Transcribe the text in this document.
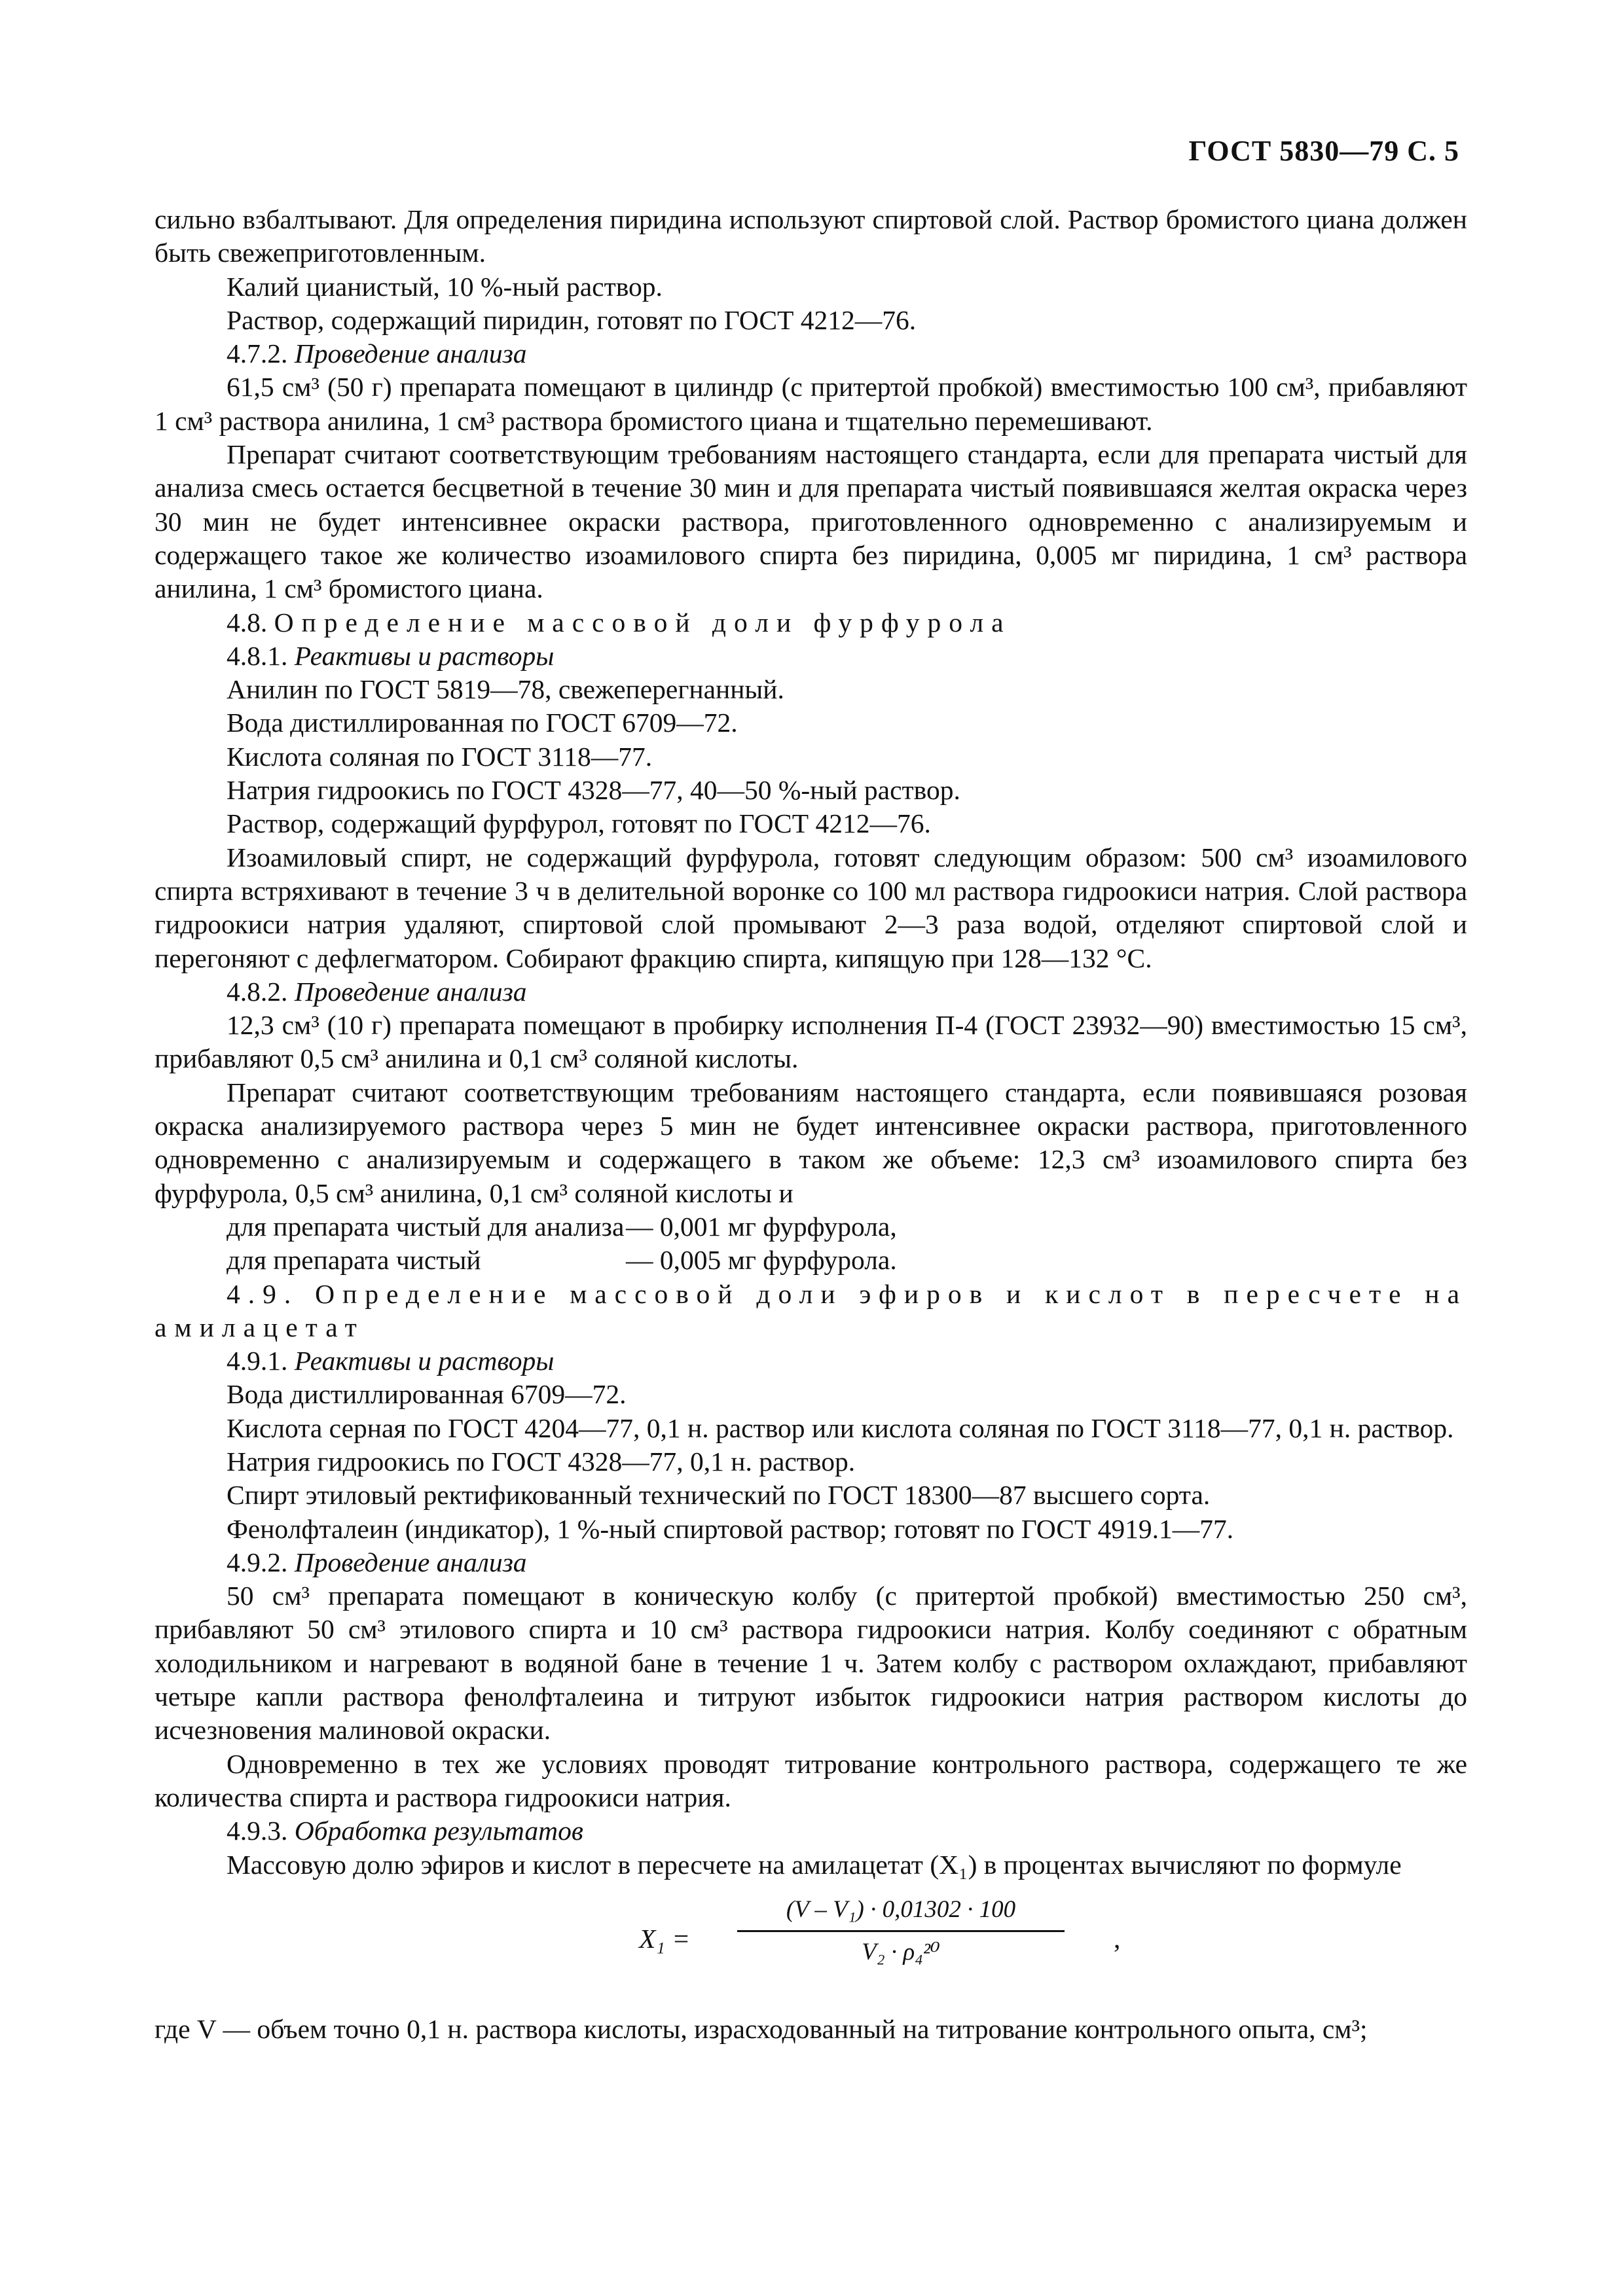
ГОСТ 5830—79 С. 5

сильно взбалтывают. Для определения пиридина используют спиртовой слой. Раствор бромистого циана должен быть свежеприготовленным.

Калий цианистый, 10 %-ный раствор.

Раствор, содержащий пиридин, готовят по ГОСТ 4212—76.

4.7.2. Проведение анализа

61,5 см³ (50 г) препарата помещают в цилиндр (с притертой пробкой) вместимостью 100 см³, прибавляют 1 см³ раствора анилина, 1 см³ раствора бромистого циана и тщательно перемешивают.

Препарат считают соответствующим требованиям настоящего стандарта, если для препарата чистый для анализа смесь остается бесцветной в течение 30 мин и для препарата чистый появившаяся желтая окраска через 30 мин не будет интенсивнее окраски раствора, приготовленного одновременно с анализируемым и содержащего такое же количество изоамилового спирта без пиридина, 0,005 мг пиридина, 1 см³ раствора анилина, 1 см³ бромистого циана.

4.8. Определение массовой доли фурфурола

4.8.1. Реактивы и растворы

Анилин по ГОСТ 5819—78, свежеперегнанный.

Вода дистиллированная по ГОСТ 6709—72.

Кислота соляная по ГОСТ 3118—77.

Натрия гидроокись по ГОСТ 4328—77, 40—50 %-ный раствор.

Раствор, содержащий фурфурол, готовят по ГОСТ 4212—76.

Изоамиловый спирт, не содержащий фурфурола, готовят следующим образом: 500 см³ изоамилового спирта встряхивают в течение 3 ч в делительной воронке со 100 мл раствора гидроокиси натрия. Слой раствора гидроокиси натрия удаляют, спиртовой слой промывают 2—3 раза водой, отделяют спиртовой слой и перегоняют с дефлегматором. Собирают фракцию спирта, кипящую при 128—132 °С.

4.8.2. Проведение анализа

12,3 см³ (10 г) препарата помещают в пробирку исполнения П-4 (ГОСТ 23932—90) вместимостью 15 см³, прибавляют 0,5 см³ анилина и 0,1 см³ соляной кислоты.

Препарат считают соответствующим требованиям настоящего стандарта, если появившаяся розовая окраска анализируемого раствора через 5 мин не будет интенсивнее окраски раствора, приготовленного одновременно с анализируемым и содержащего в таком же объеме: 12,3 см³ изоамилового спирта без фурфурола, 0,5 см³ анилина, 0,1 см³ соляной кислоты и

для препарата чистый для анализа — 0,001 мг фурфурола,
для препарата чистый	— 0,005 мг фурфурола.

4.9. Определение массовой доли эфиров и кислот в пересчете на

амилацетат

4.9.1. Реактивы и растворы

Вода дистиллированная 6709—72.

Кислота серная по ГОСТ 4204—77, 0,1 н. раствор или кислота соляная по ГОСТ 3118—77, 0,1 н. раствор.

Натрия гидроокись по ГОСТ 4328—77, 0,1 н. раствор.

Спирт этиловый ректификованный технический по ГОСТ 18300—87 высшего сорта.

Фенолфталеин (индикатор), 1 %-ный спиртовой раствор; готовят по ГОСТ 4919.1—77.

4.9.2. Проведение анализа

50 см³ препарата помещают в коническую колбу (с притертой пробкой) вместимостью 250 см³, прибавляют 50 см³ этилового спирта и 10 см³ раствора гидроокиси натрия. Колбу соединяют с обратным холодильником и нагревают в водяной бане в течение 1 ч. Затем колбу с раствором охлаждают, прибавляют четыре капли раствора фенолфталеина и титруют избыток гидроокиси натрия раствором кислоты до исчезновения малиновой окраски.

Одновременно в тех же условиях проводят титрование контрольного раствора, содержащего те же количества спирта и раствора гидроокиси натрия.

4.9.3. Обработка результатов

Массовую долю эфиров и кислот в пересчете на амилацетат (X₁) в процентах вычисляют по формуле

X₁ =
(V – V₁) · 0,01302 · 100
V₂ · ρ₄²⁰	,

где V — объем точно 0,1 н. раствора кислоты, израсходованный на титрование контрольного опыта, см³;
